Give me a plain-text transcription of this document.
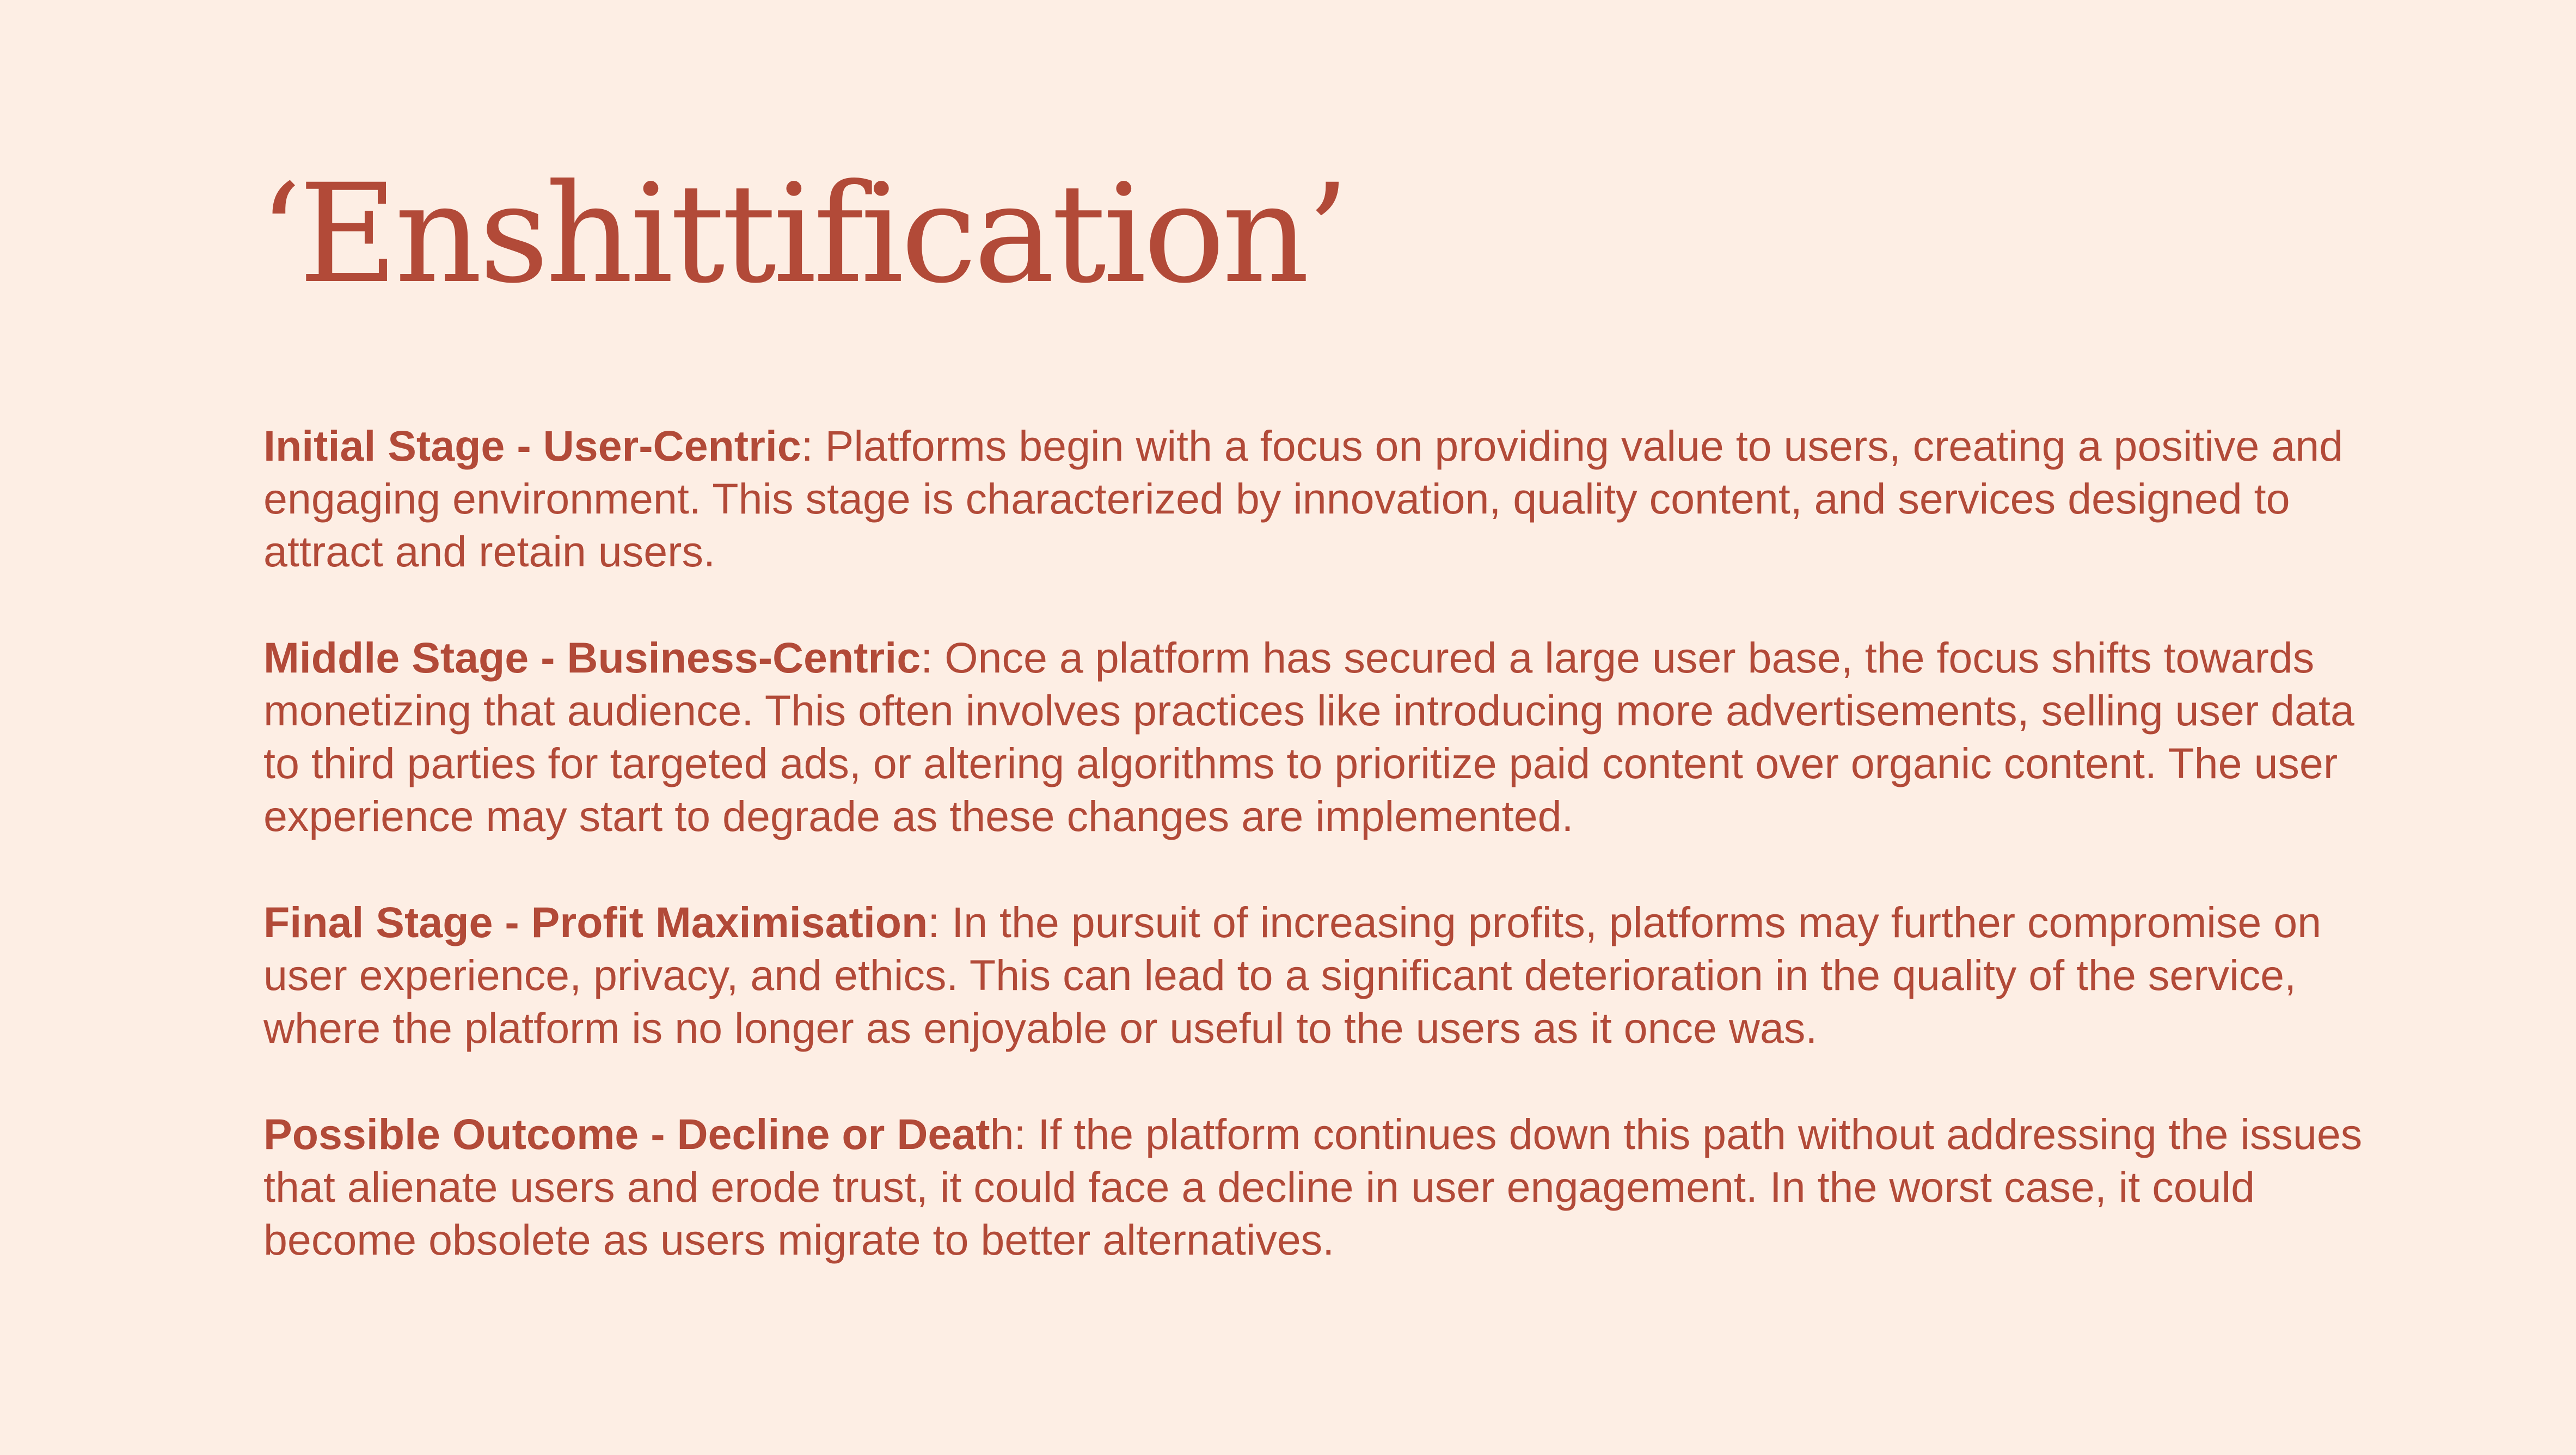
‘Enshittification’

Initial Stage - User-Centric: Platforms begin with a focus on providing value to users, creating a positive and engaging environment. This stage is characterized by innovation, quality content, and services designed to attract and retain users.

Middle Stage - Business-Centric: Once a platform has secured a large user base, the focus shifts towards monetizing that audience. This often involves practices like introducing more advertisements, selling user data to third parties for targeted ads, or altering algorithms to prioritize paid content over organic content. The user experience may start to degrade as these changes are implemented.

Final Stage - Profit Maximisation: In the pursuit of increasing profits, platforms may further compromise on user experience, privacy, and ethics. This can lead to a significant deterioration in the quality of the service, where the platform is no longer as enjoyable or useful to the users as it once was.

Possible Outcome - Decline or Death: If the platform continues down this path without addressing the issues that alienate users and erode trust, it could face a decline in user engagement. In the worst case, it could become obsolete as users migrate to better alternatives.
